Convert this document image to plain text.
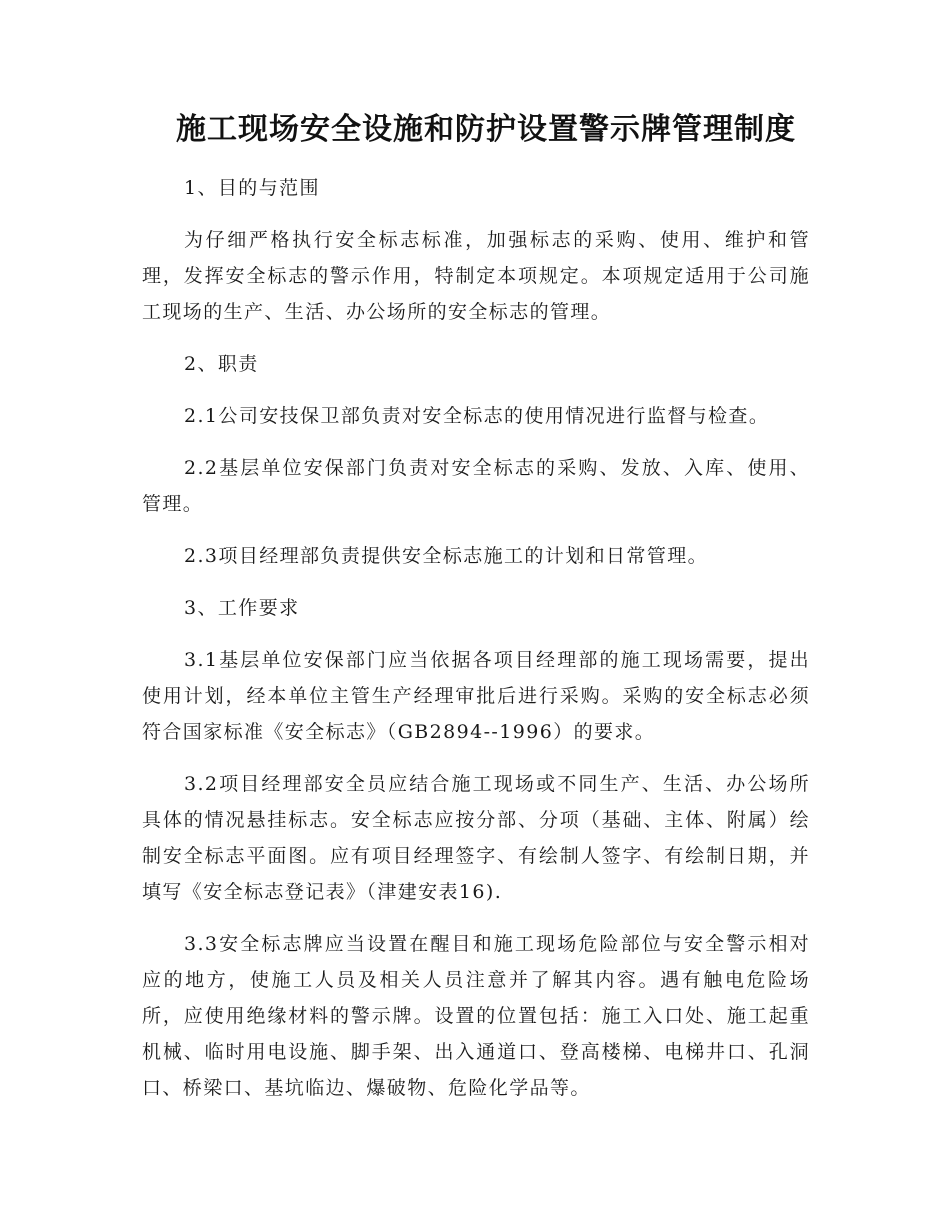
施工现场安全设施和防护设置警示牌管理制度

1、目的与范围

为仔细严格执行安全标志标准，加强标志的采购、使用、维护和管理，发挥安全标志的警示作用，特制定本项规定。本项规定适用于公司施工现场的生产、生活、办公场所的安全标志的管理。

2、职责

2.1公司安技保卫部负责对安全标志的使用情况进行监督与检查。

2.2基层单位安保部门负责对安全标志的采购、发放、入库、使用、管理。

2.3项目经理部负责提供安全标志施工的计划和日常管理。

3、工作要求

3.1基层单位安保部门应当依据各项目经理部的施工现场需要，提出使用计划，经本单位主管生产经理审批后进行采购。采购的安全标志必须符合国家标准《安全标志》（GB2894--1996）的要求。

3.2项目经理部安全员应结合施工现场或不同生产、生活、办公场所具体的情况悬挂标志。安全标志应按分部、分项（基础、主体、附属）绘制安全标志平面图。应有项目经理签字、有绘制人签字、有绘制日期，并填写《安全标志登记表》（津建安表16).

3.3安全标志牌应当设置在醒目和施工现场危险部位与安全警示相对应的地方，使施工人员及相关人员注意并了解其内容。遇有触电危险场所，应使用绝缘材料的警示牌。设置的位置包括：施工入口处、施工起重机械、临时用电设施、脚手架、出入通道口、登高楼梯、电梯井口、孔洞口、桥梁口、基坑临边、爆破物、危险化学品等。
